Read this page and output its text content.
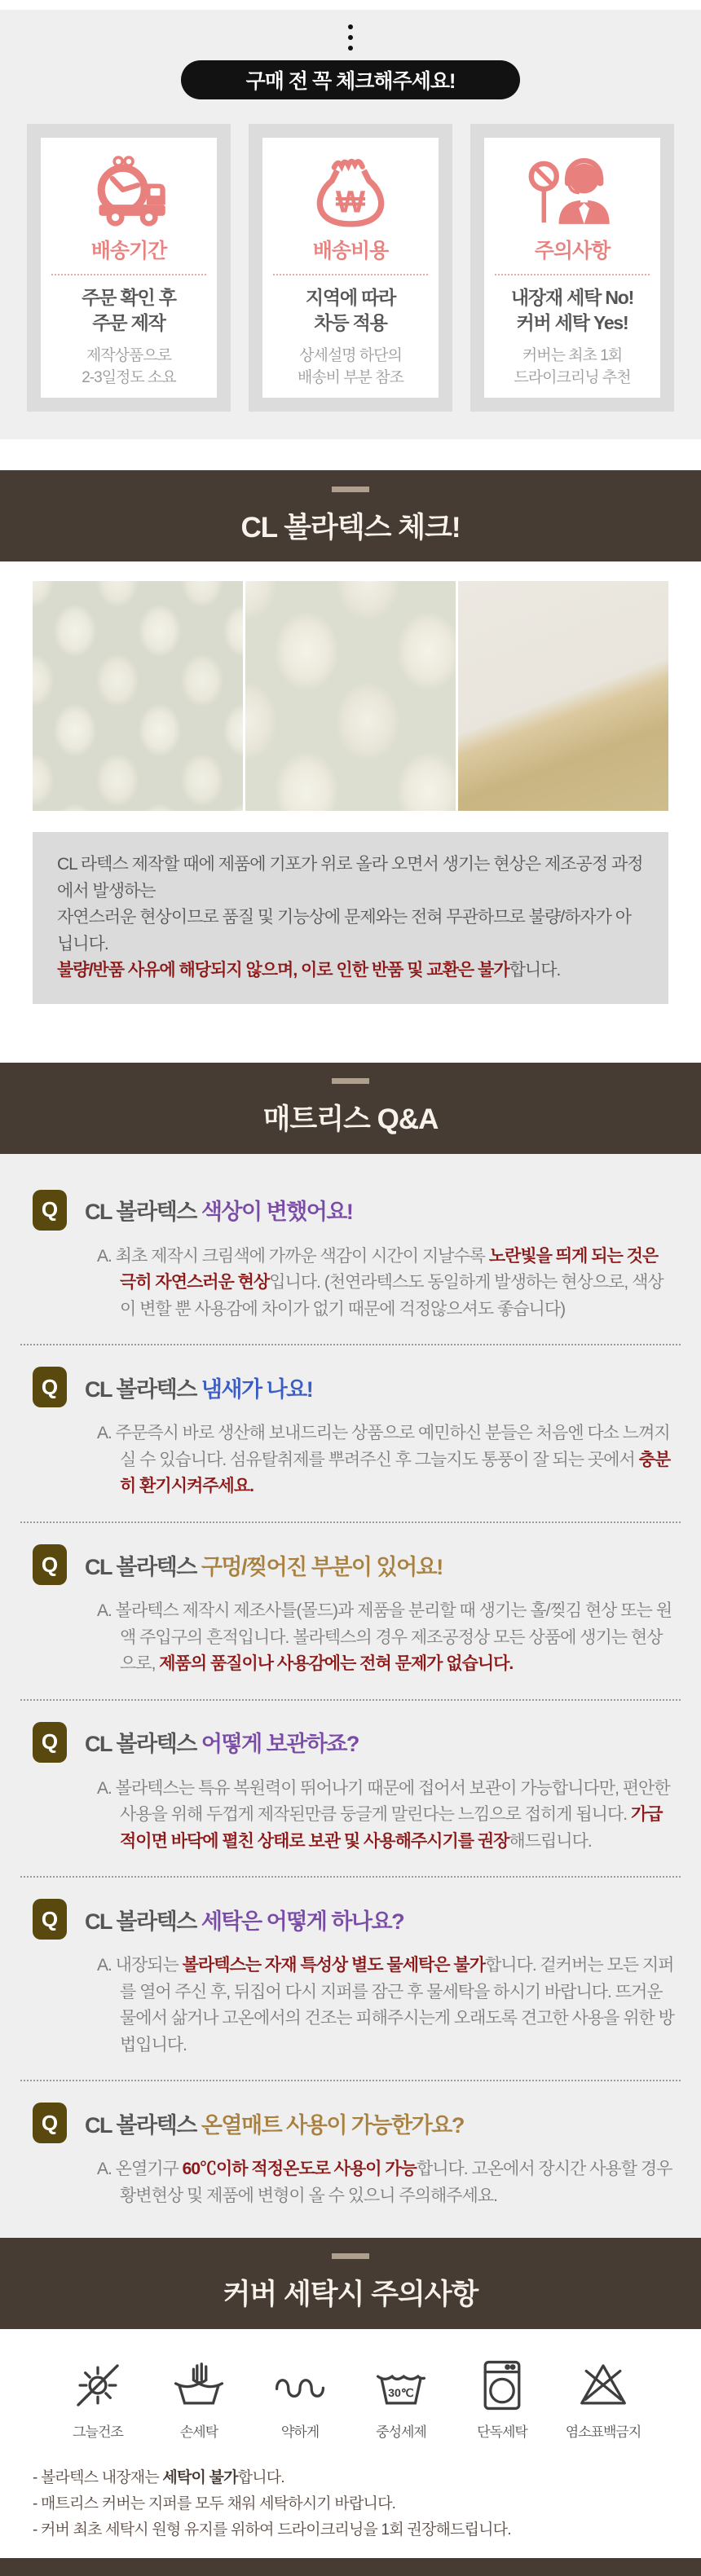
구매 전 꼭 체크해주세요!
배송기간
주문 확인 후
주문 제작
제작상품으로
2-3일정도 소요
₩
배송비용
지역에 따라
차등 적용
상세설명 하단의
배송비 부분 참조
주의사항
내장재 세탁 No!
커버 세탁 Yes!
커버는 최초 1회
드라이크리닝 추천
CL 볼라텍스 체크!

CL 라텍스 제작할 때에 제품에 기포가 위로 올라 오면서 생기는 현상은 제조공정 과정에서 발생하는

자연스러운 현상이므로 품질 및 기능상에 문제와는 전혀 무관하므로 불량/하자가 아닙니다.

불량/반품 사유에 해당되지 않으며, 이로 인한 반품 및 교환은 불가합니다.

매트리스 Q&A
Q	CL 볼라텍스 색상이 변했어요!

A. 최초 제작시 크림색에 가까운 색감이 시간이 지날수록 노란빛을 띄게 되는 것은 극히 자연스러운 현상입니다. (천연라텍스도 동일하게 발생하는 현상으로, 색상이 변할 뿐 사용감에 차이가 없기 때문에 걱정않으셔도 좋습니다)

Q	CL 볼라텍스 냄새가 나요!

A. 주문즉시 바로 생산해 보내드리는 상품으로 예민하신 분들은 처음엔 다소 느껴지실 수 있습니다. 섬유탈취제를 뿌려주신 후 그늘지도 통풍이 잘 되는 곳에서 충분히 환기시켜주세요.

Q	CL 볼라텍스 구멍/찢어진 부분이 있어요!

A. 볼라텍스 제작시 제조사틀(몰드)과 제품을 분리할 때 생기는 홀/찢김 현상 또는 원액 주입구의 흔적입니다. 볼라텍스의 경우 제조공정상 모든 상품에 생기는 현상으로, 제품의 품질이나 사용감에는 전혀 문제가 없습니다.

Q	CL 볼라텍스 어떻게 보관하죠?

A. 볼라텍스는 특유 복원력이 뛰어나기 때문에 접어서 보관이 가능합니다만, 편안한 사용을 위해 두껍게 제작된만큼 둥글게 말린다는 느낌으로 접히게 됩니다. 가급적이면 바닥에 펼친 상태로 보관 및 사용해주시기를 권장해드립니다.

Q	CL 볼라텍스 세탁은 어떻게 하나요?

A. 내장되는 볼라텍스는 자재 특성상 별도 물세탁은 불가합니다. 겉커버는 모든 지퍼를 열어 주신 후, 뒤집어 다시 지퍼를 잠근 후 물세탁을 하시기 바랍니다. 뜨거운 물에서 삶거나 고온에서의 건조는 피해주시는게 오래도록 견고한 사용을 위한 방법입니다.

Q	CL 볼라텍스 온열매트 사용이 가능한가요?

A. 온열기구 60℃이하 적정온도로 사용이 가능합니다. 고온에서 장시간 사용할 경우 황변현상 및 제품에 변형이 올 수 있으니 주의해주세요.

커버 세탁시 주의사항
그늘건조	손세탁	약하게
30℃
중성세제	단독세탁	염소표백금지

- 볼라텍스 내장재는 세탁이 불가합니다.

- 매트리스 커버는 지퍼를 모두 채워 세탁하시기 바랍니다.

- 커버 최초 세탁시 원형 유지를 위하여 드라이크리닝을 1회 권장해드립니다.
